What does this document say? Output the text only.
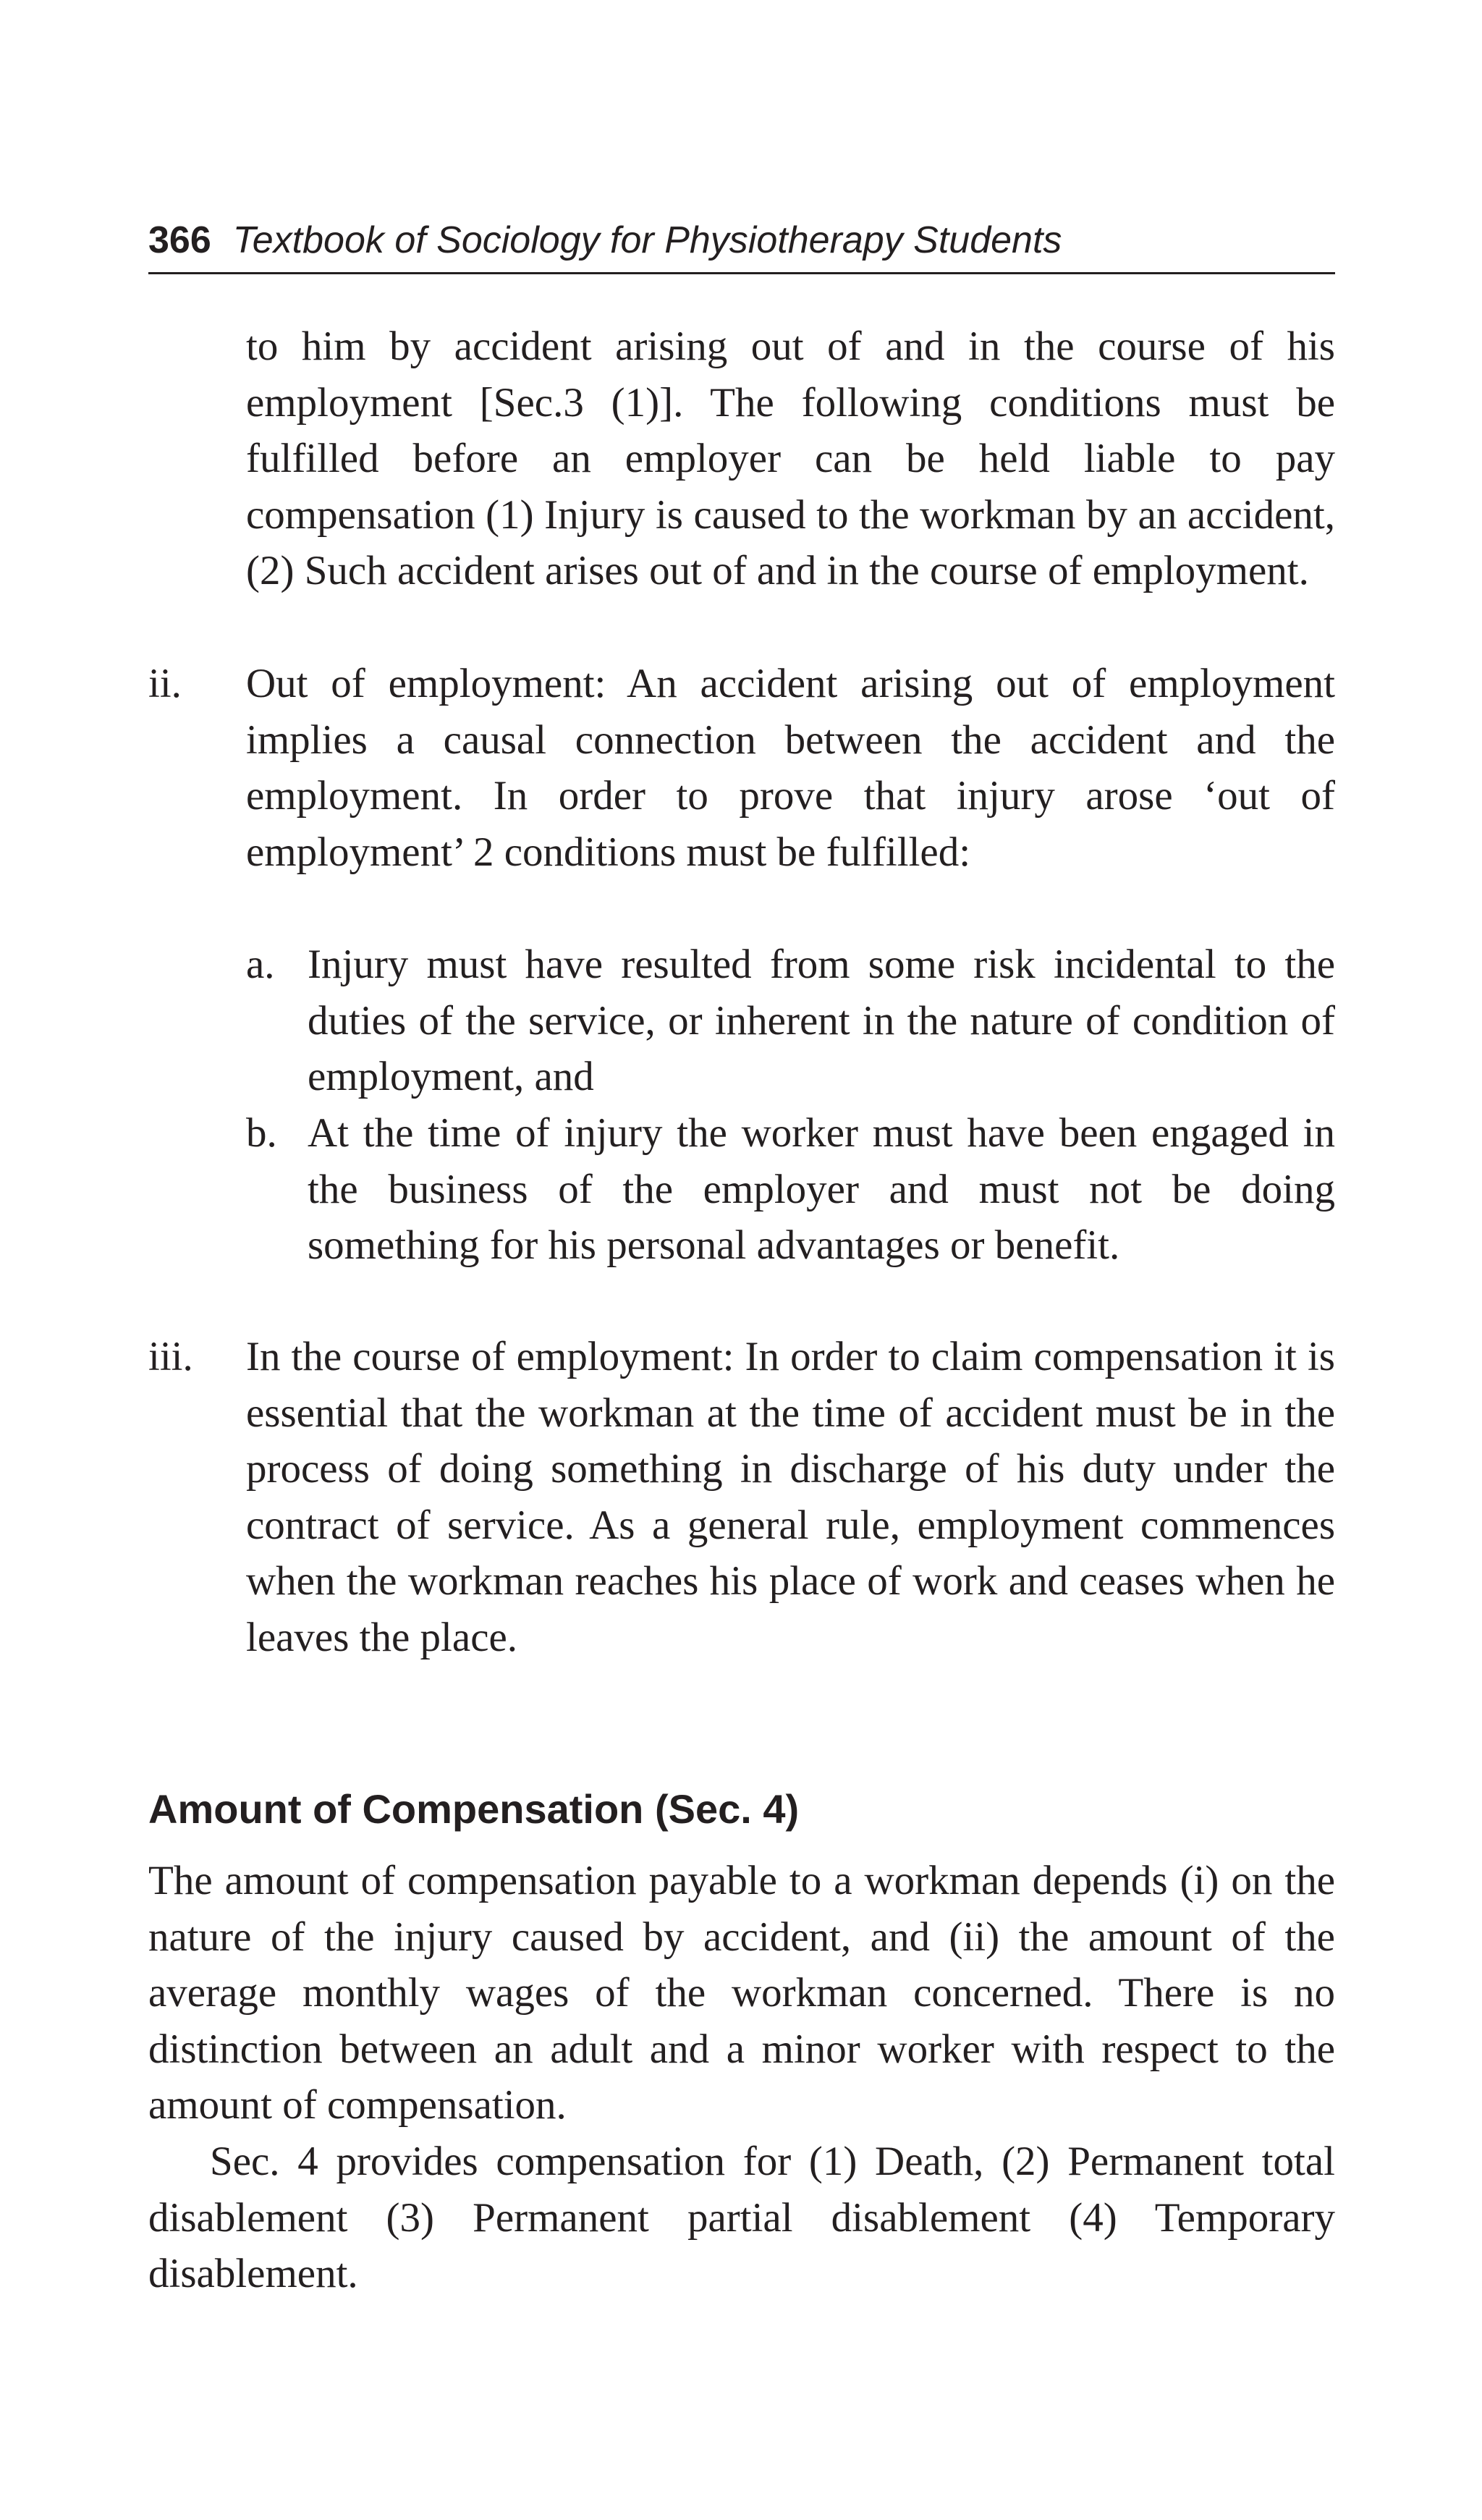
366 Textbook of Sociology for Physiotherapy Students

to him by accident arising out of and in the course of his employment [Sec.3 (1)]. The following conditions must be fulfilled before an employer can be held liable to pay compensation (1) Injury is caused to the workman by an accident, (2) Such accident arises out of and in the course of employment.

ii.	Out of employment: An accident arising out of employment implies a causal connection between the accident and the employment. In order to prove that injury arose ‘out of employment’ 2 conditions must be fulfilled:

a. Injury must have resulted from some risk incidental to the duties of the service, or inherent in the nature of condition of employment, and

b. At the time of injury the worker must have been engaged in the business of the employer and must not be doing something for his personal advantages or benefit.

iii.	In the course of employment: In order to claim compensation it is essential that the workman at the time of accident must be in the process of doing something in discharge of his duty under the contract of service. As a general rule, employment commences when the workman reaches his place of work and ceases when he leaves the place.

Amount of Compensation (Sec. 4)

The amount of compensation payable to a workman depends (i) on the nature of the injury caused by accident, and (ii) the amount of the average monthly wages of the workman concerned. There is no distinction between an adult and a minor worker with respect to the amount of compensation.

Sec. 4 provides compensation for (1) Death, (2) Permanent total disablement (3) Permanent partial disablement (4) Temporary disablement.
